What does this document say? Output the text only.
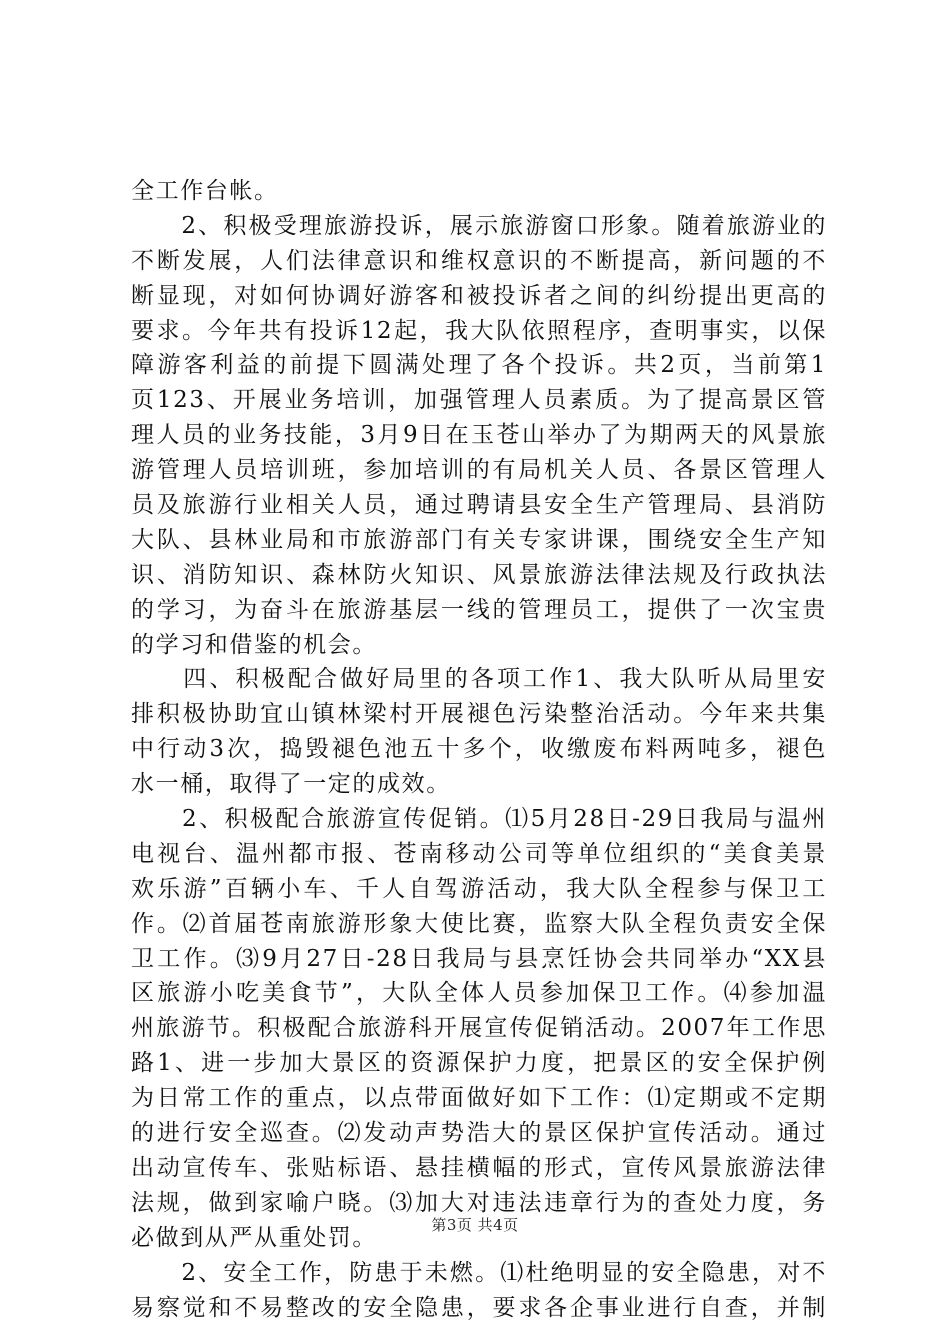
全工作台帐。
　　2、积极受理旅游投诉，展示旅游窗口形象。随着旅游业的
不断发展，人们法律意识和维权意识的不断提高，新问题的不
断显现，对如何协调好游客和被投诉者之间的纠纷提出更高的
要求。今年共有投诉12起，我大队依照程序，查明事实，以保
障游客利益的前提下圆满处理了各个投诉。共2页，当前第1
页123、开展业务培训，加强管理人员素质。为了提高景区管
理人员的业务技能，3月9日在玉苍山举办了为期两天的风景旅
游管理人员培训班，参加培训的有局机关人员、各景区管理人
员及旅游行业相关人员，通过聘请县安全生产管理局、县消防
大队、县林业局和市旅游部门有关专家讲课，围绕安全生产知
识、消防知识、森林防火知识、风景旅游法律法规及行政执法
的学习，为奋斗在旅游基层一线的管理员工，提供了一次宝贵
的学习和借鉴的机会。
　　四、积极配合做好局里的各项工作1、我大队听从局里安
排积极协助宜山镇林梁村开展褪色污染整治活动。今年来共集
中行动3次，捣毁褪色池五十多个，收缴废布料两吨多，褪色
水一桶，取得了一定的成效。
　　2、积极配合旅游宣传促销。⑴5月28日-29日我局与温州
电视台、温州都市报、苍南移动公司等单位组织的“美食美景
欢乐游”百辆小车、千人自驾游活动，我大队全程参与保卫工
作。⑵首届苍南旅游形象大使比赛，监察大队全程负责安全保
卫工作。⑶9月27日-28日我局与县烹饪协会共同举办“XX县
区旅游小吃美食节”，大队全体人员参加保卫工作。⑷参加温
州旅游节。积极配合旅游科开展宣传促销活动。2007年工作思
路1、进一步加大景区的资源保护力度，把景区的安全保护例
为日常工作的重点，以点带面做好如下工作：⑴定期或不定期
的进行安全巡查。⑵发动声势浩大的景区保护宣传活动。通过
出动宣传车、张贴标语、悬挂横幅的形式，宣传风景旅游法律
法规，做到家喻户晓。⑶加大对违法违章行为的查处力度，务
必做到从严从重处罚。
　　2、安全工作，防患于未燃。⑴杜绝明显的安全隐患，对不
易察觉和不易整改的安全隐患，要求各企事业进行自查，并制
第3页 共4页
